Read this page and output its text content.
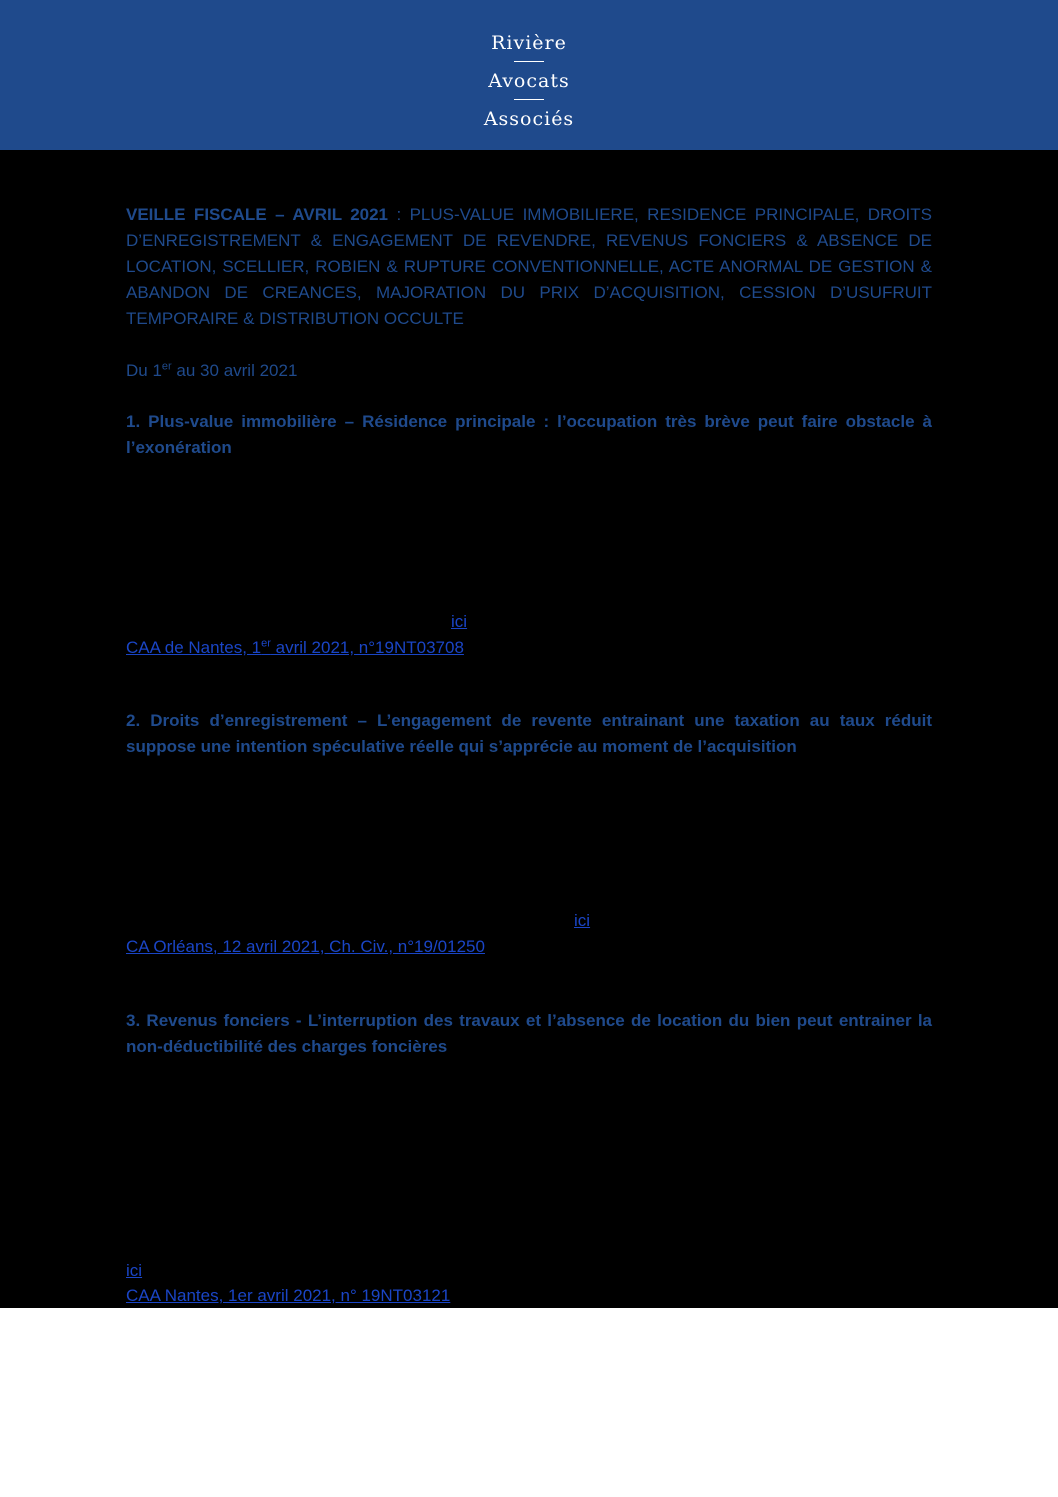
Rivière
Avocats
Associés
VEILLE FISCALE – AVRIL 2021 : PLUS-VALUE IMMOBILIERE, RESIDENCE PRINCIPALE, DROITS D’ENREGISTREMENT & ENGAGEMENT DE REVENDRE, REVENUS FONCIERS & ABSENCE DE LOCATION, SCELLIER, ROBIEN & RUPTURE CONVENTIONNELLE, ACTE ANORMAL DE GESTION & ABANDON DE CREANCES, MAJORATION DU PRIX D’ACQUISITION, CESSION D’USUFRUIT TEMPORAIRE & DISTRIBUTION OCCULTE
Du 1er au 30 avril 2021
1. Plus-value immobilière – Résidence principale : l’occupation très brève peut faire obstacle à l’exonération
ici
CAA de Nantes, 1er avril 2021, n°19NT03708
2. Droits d’enregistrement – L’engagement de revente entrainant une taxation au taux réduit suppose une intention spéculative réelle qui s’apprécie au moment de l’acquisition
ici
CA Orléans, 12 avril 2021, Ch. Civ., n°19/01250
3. Revenus fonciers - L’interruption des travaux et l’absence de location du bien peut entrainer la non-déductibilité des charges foncières
ici
CAA Nantes, 1er avril 2021, n° 19NT03121
